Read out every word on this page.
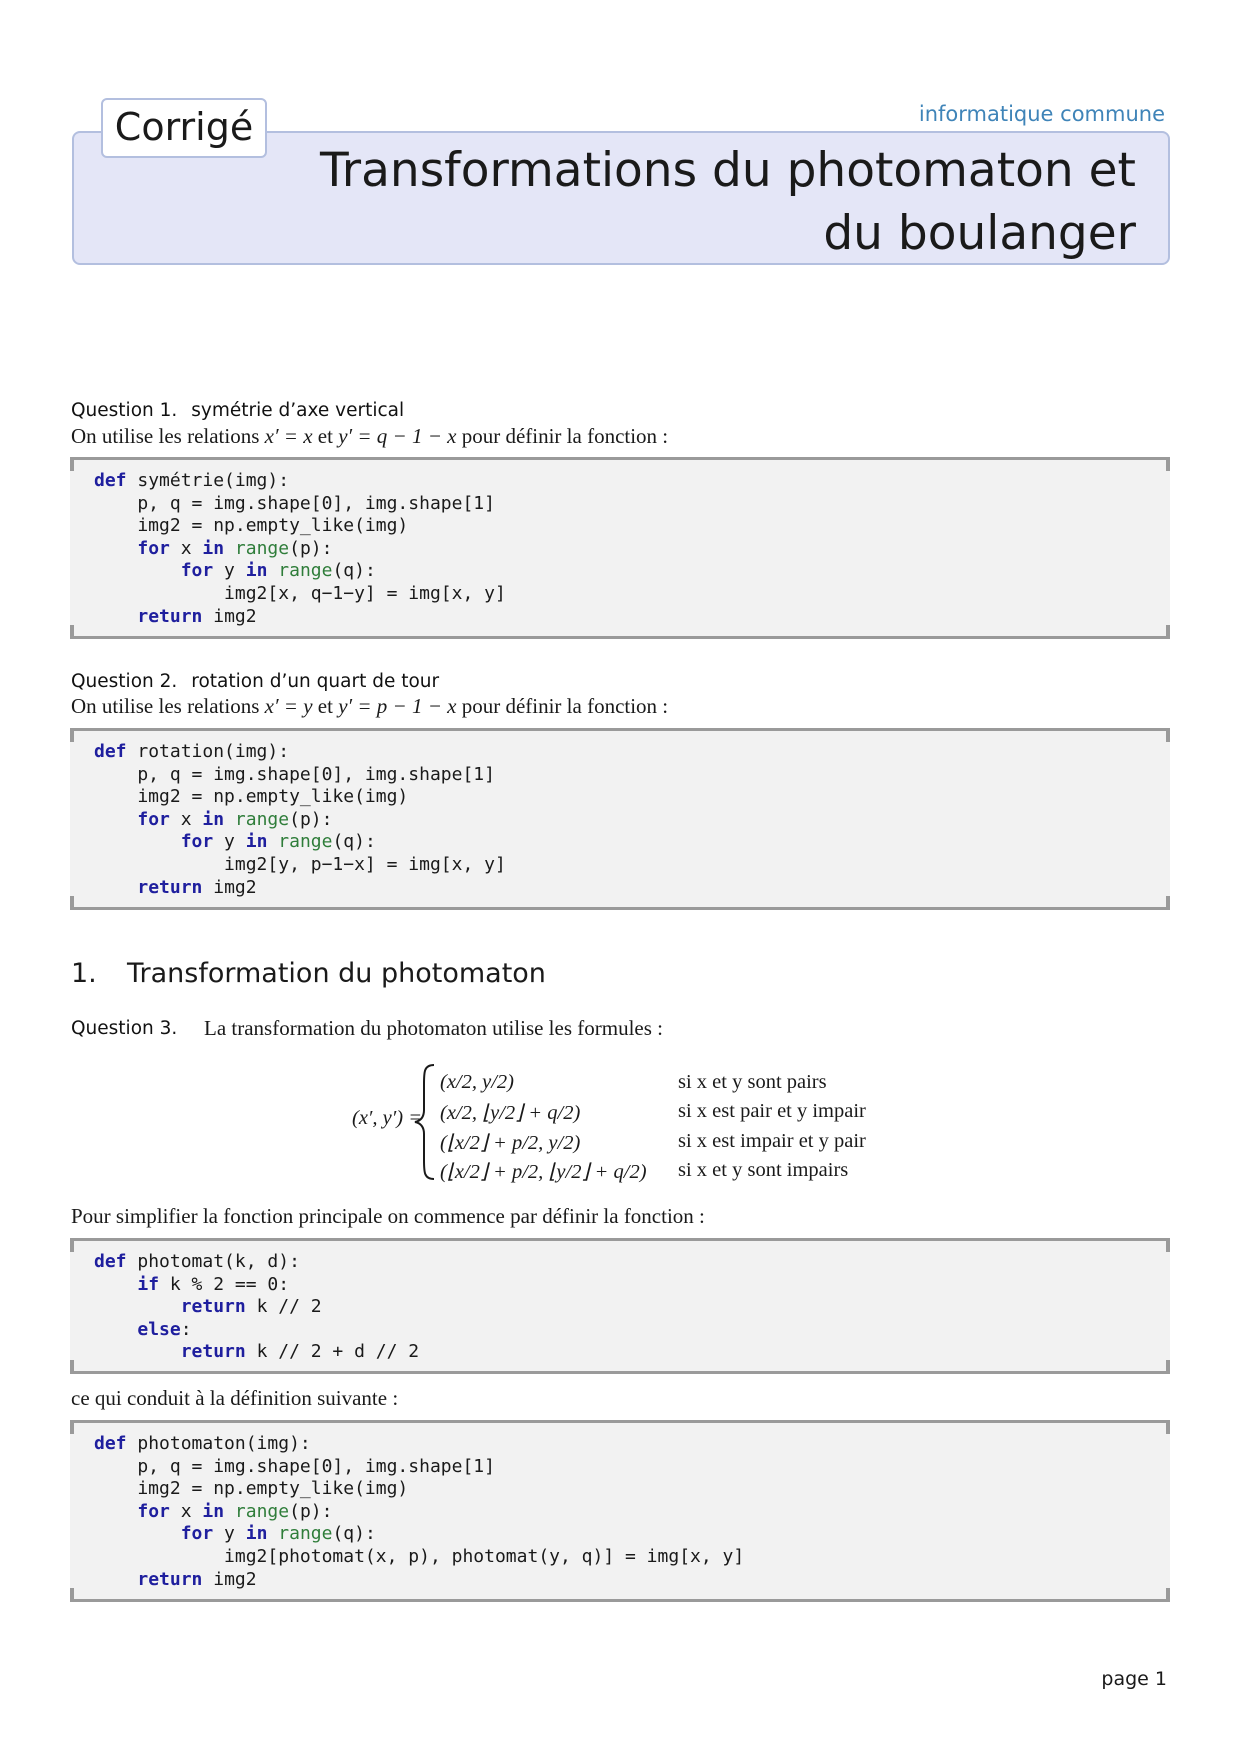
informatique commune
Transformations du photomaton et
du boulanger
Corrigé
Question 1. symétrie d’axe vertical
On utilise les relations x′ = x et y′ = q − 1 − x pour définir la fonction :
def symétrie(img):
p, q = img.shape[0], img.shape[1]
img2 = np.empty_like(img)
for x in range(p):
for y in range(q):
img2[x, q−1−y] = img[x, y]
return img2
Question 2. rotation d’un quart de tour
On utilise les relations x′ = y et y′ = p − 1 − x pour définir la fonction :
def rotation(img):
p, q = img.shape[0], img.shape[1]
img2 = np.empty_like(img)
for x in range(p):
for y in range(q):
img2[y, p−1−x] = img[x, y]
return img2
1. Transformation du photomaton
Question 3. La transformation du photomaton utilise les formules :
(x′, y′) =
(x/2, y/2)	si x et y sont pairs
(x/2, ⌊y/2⌋ + q/2)	si x est pair et y impair
(⌊x/2⌋ + p/2, y/2)	si x est impair et y pair
(⌊x/2⌋ + p/2, ⌊y/2⌋ + q/2) si x et y sont impairs
Pour simplifier la fonction principale on commence par définir la fonction :
def photomat(k, d):
if k % 2 == 0:
return k // 2
else:
return k // 2 + d // 2
ce qui conduit à la définition suivante :
def photomaton(img):
p, q = img.shape[0], img.shape[1]
img2 = np.empty_like(img)
for x in range(p):
for y in range(q):
img2[photomat(x, p), photomat(y, q)] = img[x, y]
return img2
page 1
